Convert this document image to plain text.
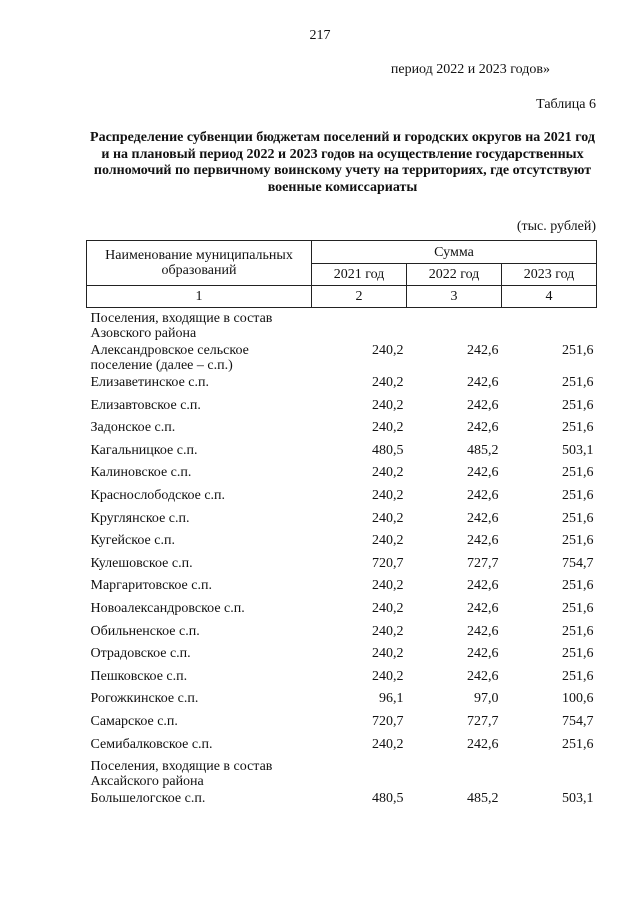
217
период 2022 и 2023 годов»
Таблица 6
Распределение субвенции бюджетам поселений и городских округов на 2021 год и на плановый период 2022 и 2023 годов на осуществление государственных полномочий по первичному воинскому учету на территориях, где отсутствуют военные комиссариаты
(тыс. рублей)
Наименование муниципальных образований	Сумма		
	2021 год	2022 год	2023 год
1	2	3	4
Поселения, входящие в состав Азовского района			
Александровское сельское поселение (далее – с.п.)	240,2	242,6	251,6
Елизаветинское с.п.	240,2	242,6	251,6
Елизавтовское с.п.	240,2	242,6	251,6
Задонское с.п.	240,2	242,6	251,6
Кагальницкое с.п.	480,5	485,2	503,1
Калиновское с.п.	240,2	242,6	251,6
Краснослободское с.п.	240,2	242,6	251,6
Круглянское с.п.	240,2	242,6	251,6
Кугейское с.п.	240,2	242,6	251,6
Кулешовское с.п.	720,7	727,7	754,7
Маргаритовское с.п.	240,2	242,6	251,6
Новоалександровское с.п.	240,2	242,6	251,6
Обильненское с.п.	240,2	242,6	251,6
Отрадовское с.п.	240,2	242,6	251,6
Пешковское с.п.	240,2	242,6	251,6
Рогожкинское с.п.	96,1	97,0	100,6
Самарское с.п.	720,7	727,7	754,7
Семибалковское с.п.	240,2	242,6	251,6
Поселения, входящие в состав Аксайского района			
Большелогское с.п.	480,5	485,2	503,1
